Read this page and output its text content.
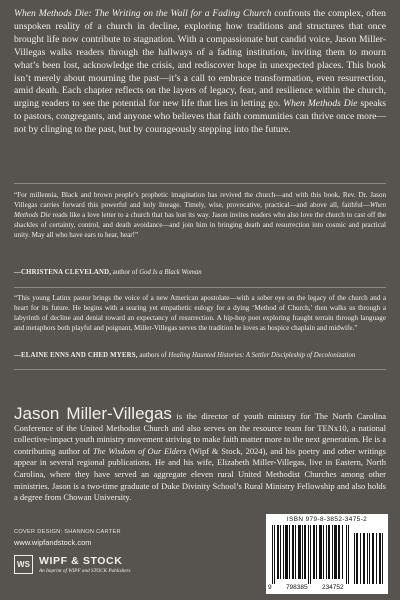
When Methods Die: The Writing on the Wall for a Fading Church confronts the complex, often unspoken reality of a church in decline, exploring how traditions and structures that once brought life now contribute to stagnation. With a compassionate but candid voice, Jason Miller-Villegas walks readers through the hallways of a fading institution, inviting them to mourn what’s been lost, acknowledge the crisis, and rediscover hope in unexpected places. This book isn’t merely about mourning the past—it’s a call to embrace transformation, even resurrection, amid death. Each chapter reflects on the layers of legacy, fear, and resilience within the church, urging readers to see the potential for new life that lies in letting go. When Methods Die speaks to pastors, congregants, and anyone who believes that faith communities can thrive once more—not by clinging to the past, but by courageously stepping into the future.

“For millennia, Black and brown people’s prophetic imagination has revived the church—and with this book, Rev. Dr. Jason Villegas carries forward this powerful and holy lineage. Timely, wise, provocative, practical—and above all, faithful—When Methods Die reads like a love letter to a church that has lost its way. Jason invites readers who also love the church to cast off the shackles of certainty, control, and death avoidance—and join him in bringing death and resurrection into cosmic and practical unity. May all who have ears to hear, hear!”

—CHRISTENA CLEVELAND, author of God Is a Black Woman

“This young Latinx pastor brings the voice of a new American apostolate—with a sober eye on the legacy of the church and a heart for its future. He begins with a searing yet empathetic eulogy for a dying ‘Method of Church,’ then walks us through a labyrinth of decline and denial toward an expectancy of resurrection. A hip-hop poet exploring fraught terrain through language and metaphors both playful and poignant, Miller-Villegas serves the tradition he loves as hospice chaplain and midwife.”

—ELAINE ENNS AND CHED MYERS, authors of Healing Haunted Histories: A Settler Discipleship of Decolonization

Jason Miller-Villegas is the director of youth ministry for The North Carolina Conference of the United Methodist Church and also serves on the resource team for TENx10, a national collective-impact youth ministry movement striving to make faith matter more to the next generation. He is a contributing author of The Wisdom of Our Elders (Wipf & Stock, 2024), and his poetry and other writings appear in several regional publications. He and his wife, Elizabeth Miller-Villegas, live in Eastern, North Carolina, where they have served an aggregate eleven rural United Methodist Churches among other ministries. Jason is a two-time graduate of Duke Divinity School’s Rural Ministry Fellowship and also holds a degree from Chowan University.

COVER DESIGN: SHANNON CARTER
www.wipfandstock.com
WS WIPF & STOCK
An Imprint of WIPF and STOCK Publishers
ISBN 979-8-3852-3475-2
9 798385 234752
